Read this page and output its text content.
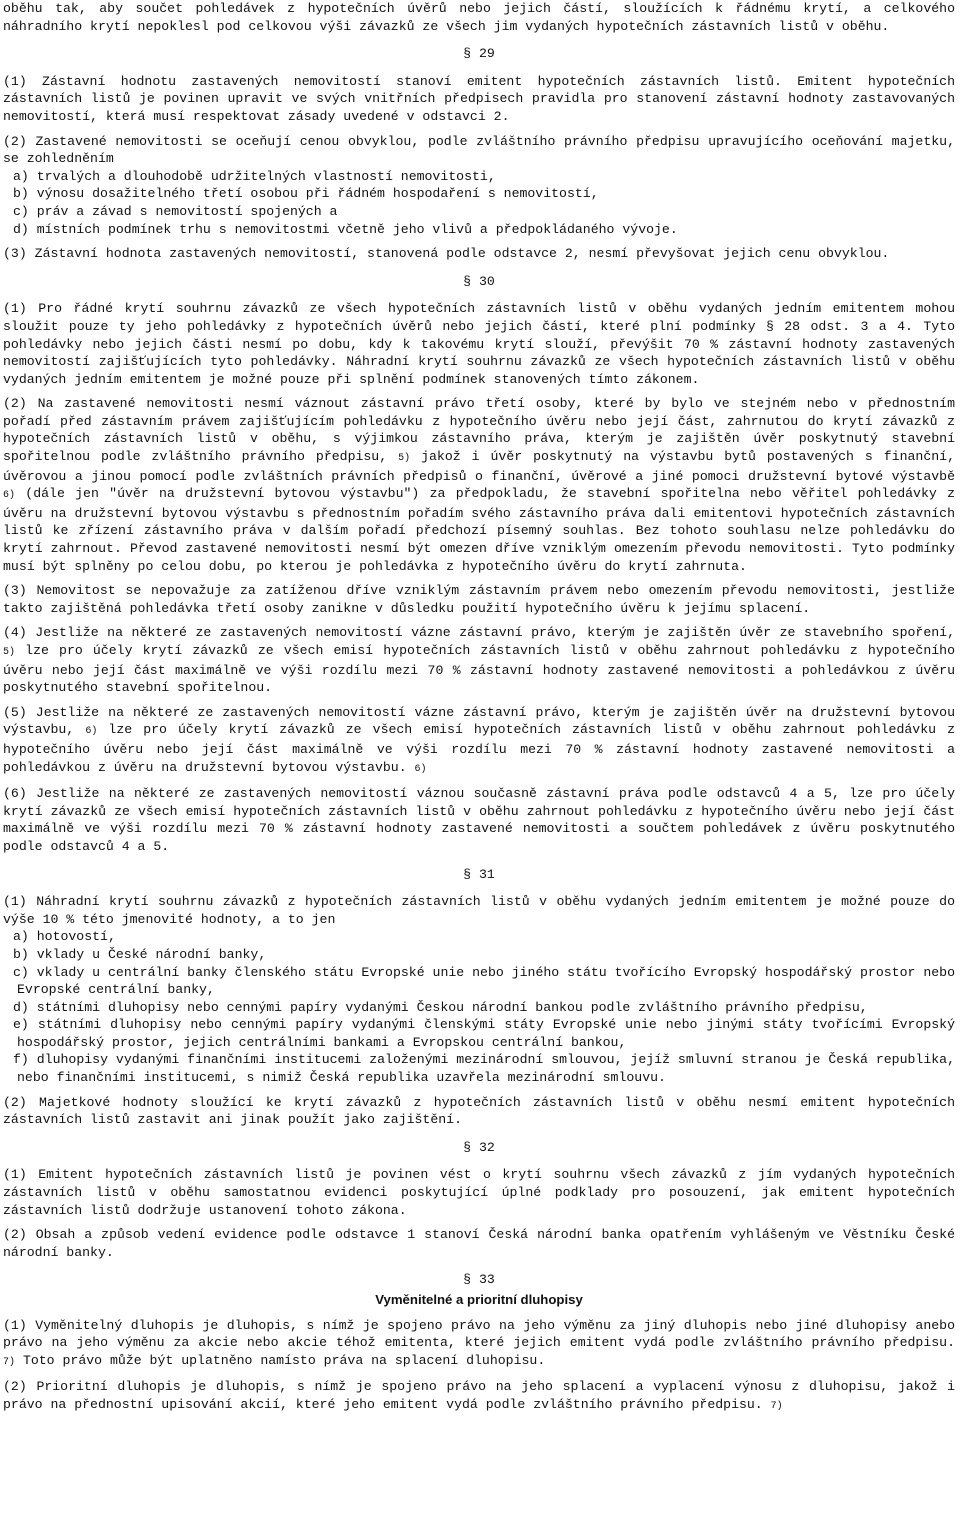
oběhu tak, aby součet pohledávek z hypotečních úvěrů nebo jejich částí, sloužících k řádnému krytí, a celkového náhradního krytí nepoklesl pod celkovou výši závazků ze všech jim vydaných hypotečních zástavních listů v oběhu.

§ 29

(1) Zástavní hodnotu zastavených nemovitostí stanoví emitent hypotečních zástavních listů. Emitent hypotečních zástavních listů je povinen upravit ve svých vnitřních předpisech pravidla pro stanovení zástavní hodnoty zastavovaných nemovitostí, která musí respektovat zásady uvedené v odstavci 2.

(2) Zastavené nemovitosti se oceňují cenou obvyklou, podle zvláštního právního předpisu upravujícího oceňování majetku, se zohledněním

a) trvalých a dlouhodobě udržitelných vlastností nemovitosti,

b) výnosu dosažitelného třetí osobou při řádném hospodaření s nemovitostí,

c) práv a závad s nemovitostí spojených a

d) místních podmínek trhu s nemovitostmi včetně jeho vlivů a předpokládaného vývoje.

(3) Zástavní hodnota zastavených nemovitostí, stanovená podle odstavce 2, nesmí převyšovat jejich cenu obvyklou.

§ 30

(1) Pro řádné krytí souhrnu závazků ze všech hypotečních zástavních listů v oběhu vydaných jedním emitentem mohou sloužit pouze ty jeho pohledávky z hypotečních úvěrů nebo jejich částí, které plní podmínky § 28 odst. 3 a 4. Tyto pohledávky nebo jejich části nesmí po dobu, kdy k takovému krytí slouží, převýšit 70 % zástavní hodnoty zastavených nemovitostí zajišťujících tyto pohledávky. Náhradní krytí souhrnu závazků ze všech hypotečních zástavních listů v oběhu vydaných jedním emitentem je možné pouze při splnění podmínek stanovených tímto zákonem.

(2) Na zastavené nemovitosti nesmí váznout zástavní právo třetí osoby, které by bylo ve stejném nebo v přednostním pořadí před zástavním právem zajišťujícím pohledávku z hypotečního úvěru nebo její část, zahrnutou do krytí závazků z hypotečních zástavních listů v oběhu, s výjimkou zástavního práva, kterým je zajištěn úvěr poskytnutý stavební spořitelnou podle zvláštního právního předpisu, 5) jakož i úvěr poskytnutý na výstavbu bytů postavených s finanční, úvěrovou a jinou pomocí podle zvláštních právních předpisů o finanční, úvěrové a jiné pomoci družstevní bytové výstavbě 6) (dále jen "úvěr na družstevní bytovou výstavbu") za předpokladu, že stavební spořitelna nebo věřitel pohledávky z úvěru na družstevní bytovou výstavbu s přednostním pořadím svého zástavního práva dali emitentovi hypotečních zástavních listů ke zřízení zástavního práva v dalším pořadí předchozí písemný souhlas. Bez tohoto souhlasu nelze pohledávku do krytí zahrnout. Převod zastavené nemovitosti nesmí být omezen dříve vzniklým omezením převodu nemovitosti. Tyto podmínky musí být splněny po celou dobu, po kterou je pohledávka z hypotečního úvěru do krytí zahrnuta.

(3) Nemovitost se nepovažuje za zatíženou dříve vzniklým zástavním právem nebo omezením převodu nemovitosti, jestliže takto zajištěná pohledávka třetí osoby zanikne v důsledku použití hypotečního úvěru k jejímu splacení.

(4) Jestliže na některé ze zastavených nemovitostí vázne zástavní právo, kterým je zajištěn úvěr ze stavebního spoření, 5) lze pro účely krytí závazků ze všech emisí hypotečních zástavních listů v oběhu zahrnout pohledávku z hypotečního úvěru nebo její část maximálně ve výši rozdílu mezi 70 % zástavní hodnoty zastavené nemovitosti a pohledávkou z úvěru poskytnutého stavební spořitelnou.

(5) Jestliže na některé ze zastavených nemovitostí vázne zástavní právo, kterým je zajištěn úvěr na družstevní bytovou výstavbu, 6) lze pro účely krytí závazků ze všech emisí hypotečních zástavních listů v oběhu zahrnout pohledávku z hypotečního úvěru nebo její část maximálně ve výši rozdílu mezi 70 % zástavní hodnoty zastavené nemovitosti a pohledávkou z úvěru na družstevní bytovou výstavbu. 6)

(6) Jestliže na některé ze zastavených nemovitostí váznou současně zástavní práva podle odstavců 4 a 5, lze pro účely krytí závazků ze všech emisí hypotečních zástavních listů v oběhu zahrnout pohledávku z hypotečního úvěru nebo její část maximálně ve výši rozdílu mezi 70 % zástavní hodnoty zastavené nemovitosti a součtem pohledávek z úvěru poskytnutého podle odstavců 4 a 5.

§ 31

(1) Náhradní krytí souhrnu závazků z hypotečních zástavních listů v oběhu vydaných jedním emitentem je možné pouze do výše 10 % této jmenovité hodnoty, a to jen

a) hotovostí,

b) vklady u České národní banky,

c) vklady u centrální banky členského státu Evropské unie nebo jiného státu tvořícího Evropský hospodářský prostor nebo Evropské centrální banky,

d) státními dluhopisy nebo cennými papíry vydanými Českou národní bankou podle zvláštního právního předpisu,

e) státními dluhopisy nebo cennými papíry vydanými členskými státy Evropské unie nebo jinými státy tvořícími Evropský hospodářský prostor, jejich centrálními bankami a Evropskou centrální bankou,

f) dluhopisy vydanými finančními institucemi založenými mezinárodní smlouvou, jejíž smluvní stranou je Česká republika, nebo finančními institucemi, s nimiž Česká republika uzavřela mezinárodní smlouvu.

(2) Majetkové hodnoty sloužící ke krytí závazků z hypotečních zástavních listů v oběhu nesmí emitent hypotečních zástavních listů zastavit ani jinak použít jako zajištění.

§ 32

(1) Emitent hypotečních zástavních listů je povinen vést o krytí souhrnu všech závazků z jím vydaných hypotečních zástavních listů v oběhu samostatnou evidenci poskytující úplné podklady pro posouzení, jak emitent hypotečních zástavních listů dodržuje ustanovení tohoto zákona.

(2) Obsah a způsob vedení evidence podle odstavce 1 stanoví Česká národní banka opatřením vyhlášeným ve Věstníku České národní banky.

§ 33
Vyměnitelné a prioritní dluhopisy

(1) Vyměnitelný dluhopis je dluhopis, s nímž je spojeno právo na jeho výměnu za jiný dluhopis nebo jiné dluhopisy anebo právo na jeho výměnu za akcie nebo akcie téhož emitenta, které jejich emitent vydá podle zvláštního právního předpisu. 7) Toto právo může být uplatněno namísto práva na splacení dluhopisu.

(2) Prioritní dluhopis je dluhopis, s nímž je spojeno právo na jeho splacení a vyplacení výnosu z dluhopisu, jakož i právo na přednostní upisování akcií, které jeho emitent vydá podle zvláštního právního předpisu. 7)
